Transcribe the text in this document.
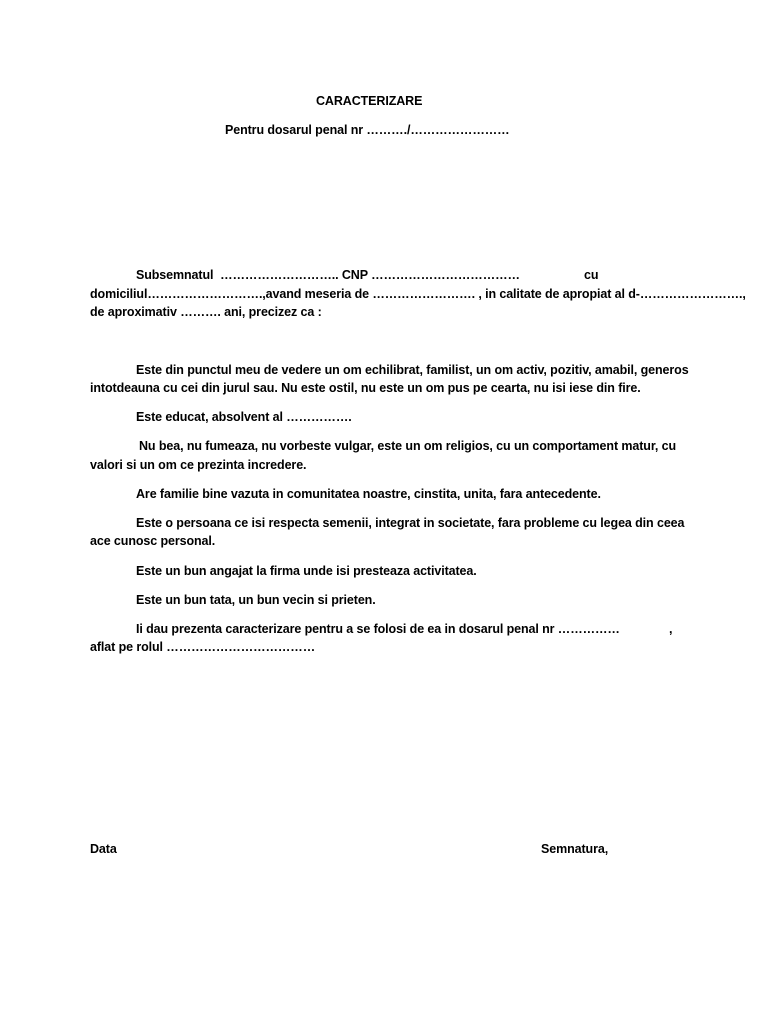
CARACTERIZARE
Pentru dosarul penal nr ………./……………………
Subsemnatul  ……………………….. CNP ………………………………	cu
domiciliul……………………….,avand meseria de ……………………. , in calitate de apropiat al d-…………………….,
de aproximativ ………. ani, precizez ca :
Este din punctul meu de vedere un om echilibrat, familist, un om activ, pozitiv, amabil, generos
intotdeauna cu cei din jurul sau. Nu este ostil, nu este un om pus pe cearta, nu isi iese din fire.
Este educat, absolvent al …………….
Nu bea, nu fumeaza, nu vorbeste vulgar, este un om religios, cu un comportament matur, cu
valori si un om ce prezinta incredere.
Are familie bine vazuta in comunitatea noastre, cinstita, unita, fara antecedente.
Este o persoana ce isi respecta semenii, integrat in societate, fara probleme cu legea din ceea
ace cunosc personal.
Este un bun angajat la firma unde isi presteaza activitatea.
Este un bun tata, un bun vecin si prieten.
Ii dau prezenta caracterizare pentru a se folosi de ea in dosarul penal nr ……………	,
aflat pe rolul ………………………………
Data	Semnatura,
